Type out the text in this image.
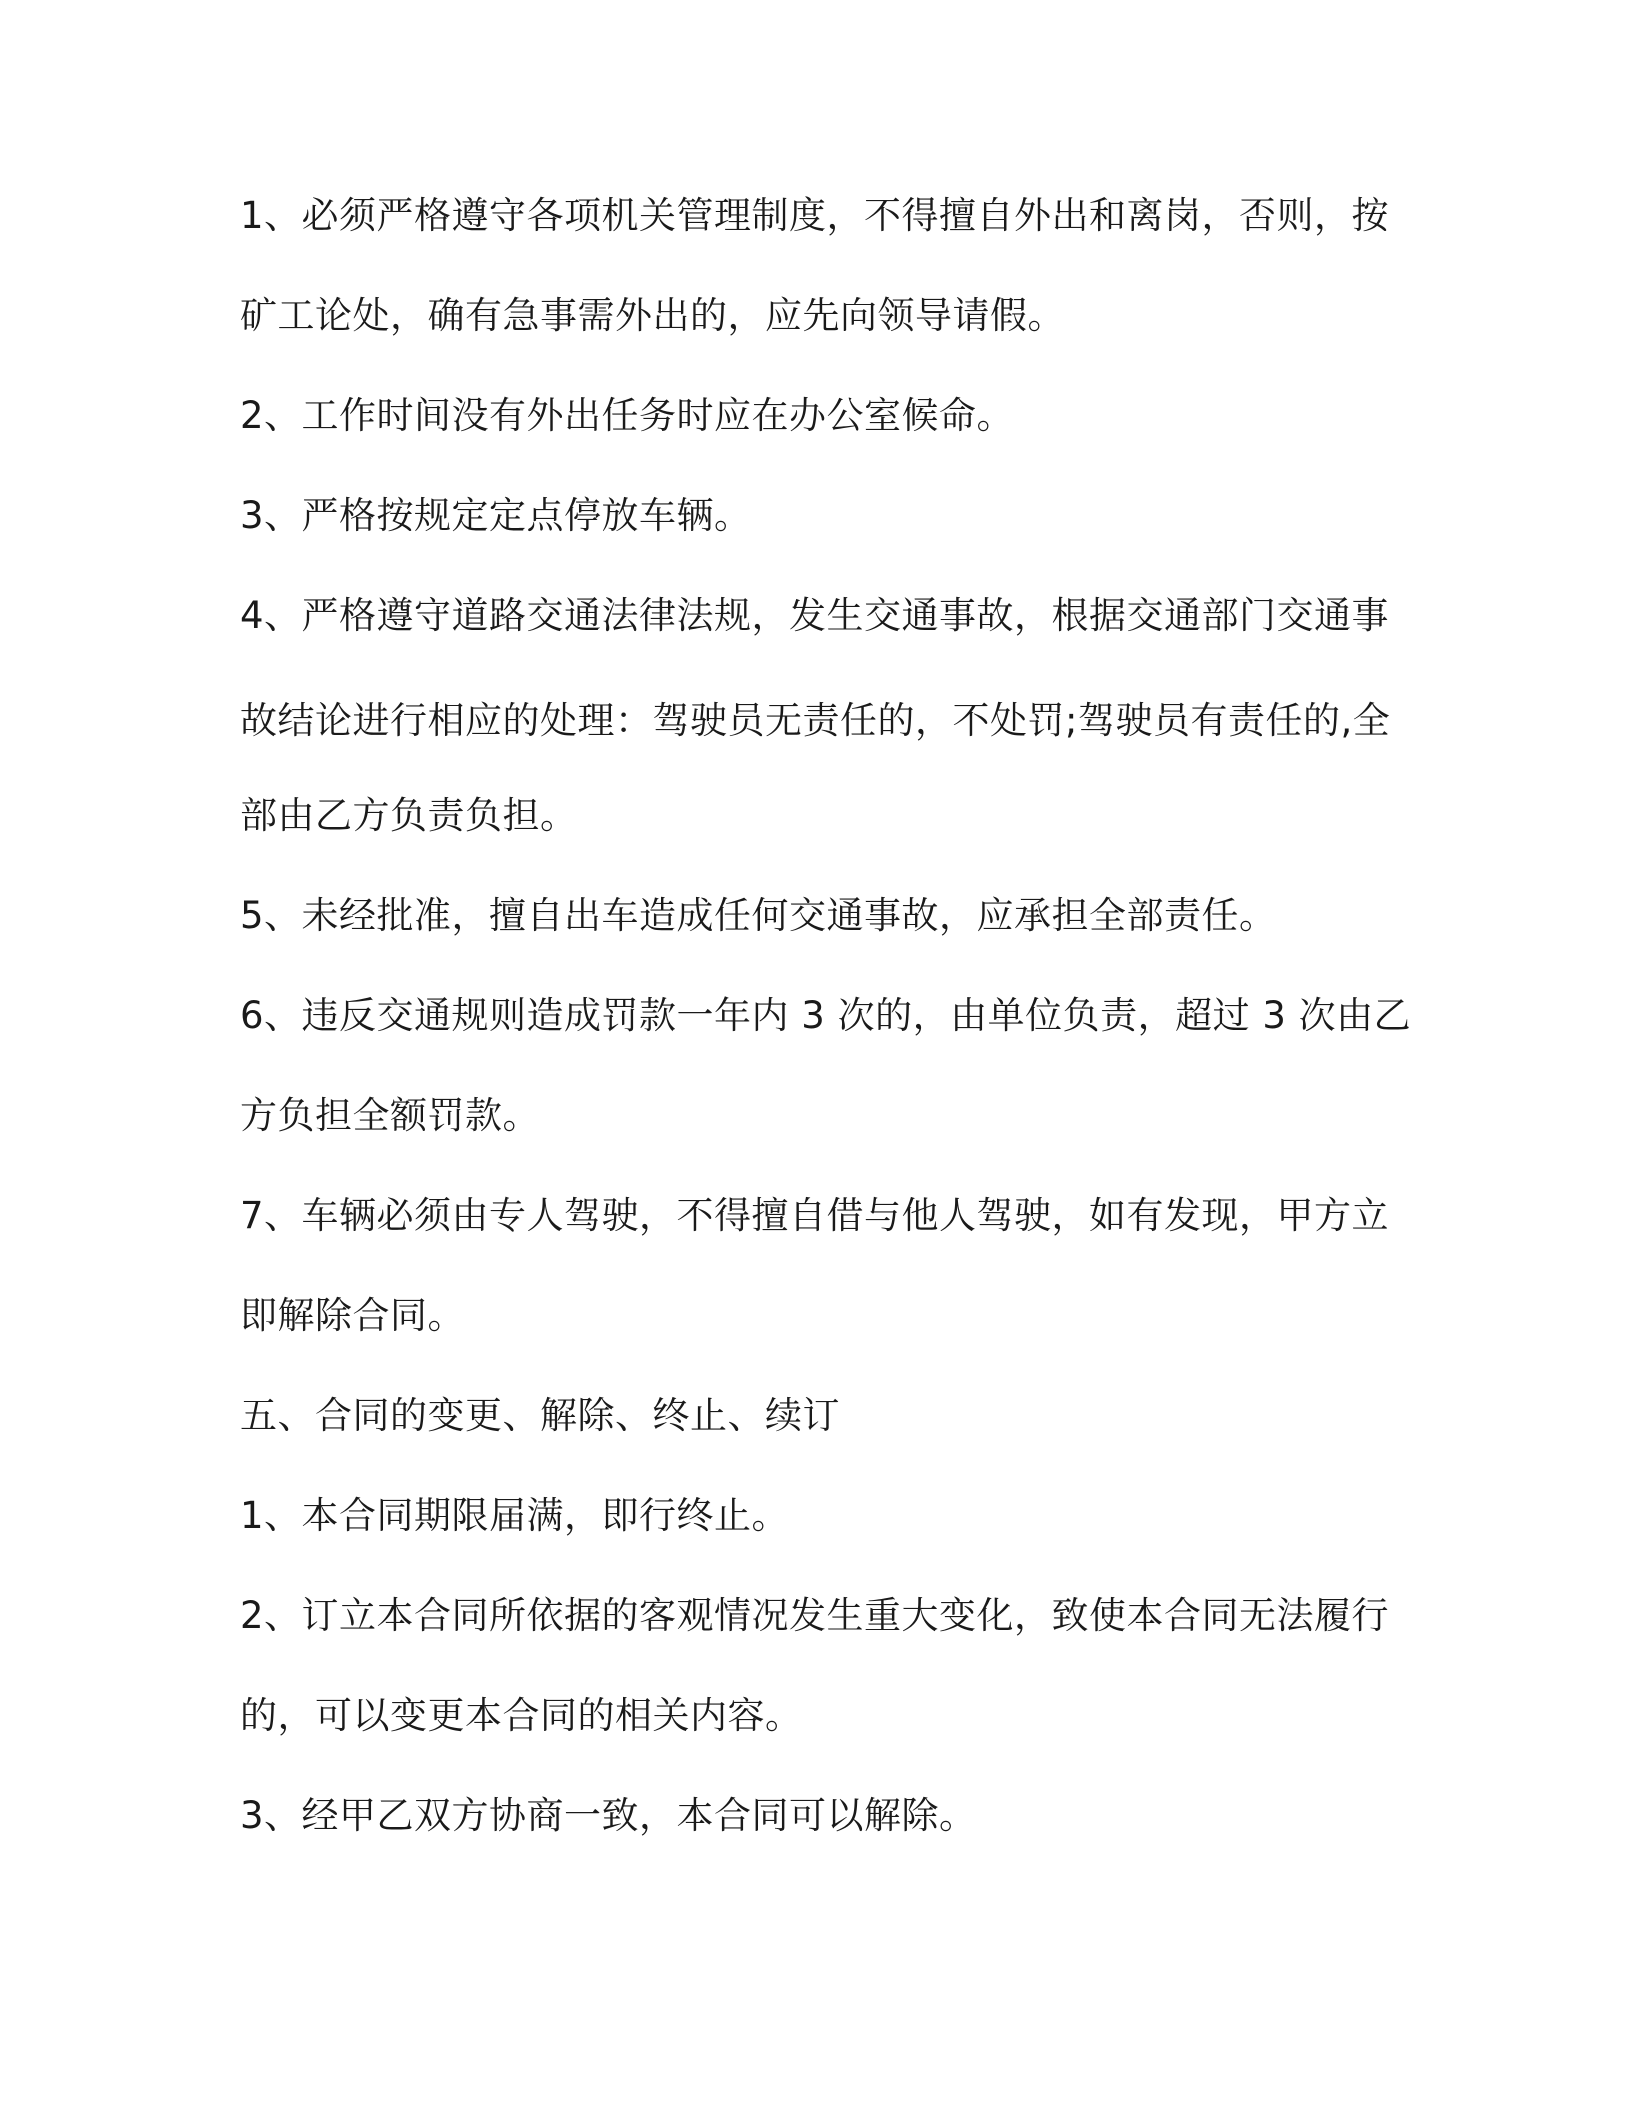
1、必须严格遵守各项机关管理制度，不得擅自外出和离岗，否则，按
矿工论处，确有急事需外出的，应先向领导请假。
2、工作时间没有外出任务时应在办公室候命。
3、严格按规定定点停放车辆。
4、严格遵守道路交通法律法规，发生交通事故，根据交通部门交通事
故结论进行相应的处理：驾驶员无责任的，不处罚;驾驶员有责任的,全
部由乙方负责负担。
5、未经批准，擅自出车造成任何交通事故，应承担全部责任。
6、违反交通规则造成罚款一年内 3 次的，由单位负责，超过 3 次由乙
方负担全额罚款。
7、车辆必须由专人驾驶，不得擅自借与他人驾驶，如有发现，甲方立
即解除合同。
五、合同的变更、解除、终止、续订
1、本合同期限届满，即行终止。
2、订立本合同所依据的客观情况发生重大变化，致使本合同无法履行
的，可以变更本合同的相关内容。
3、经甲乙双方协商一致，本合同可以解除。
